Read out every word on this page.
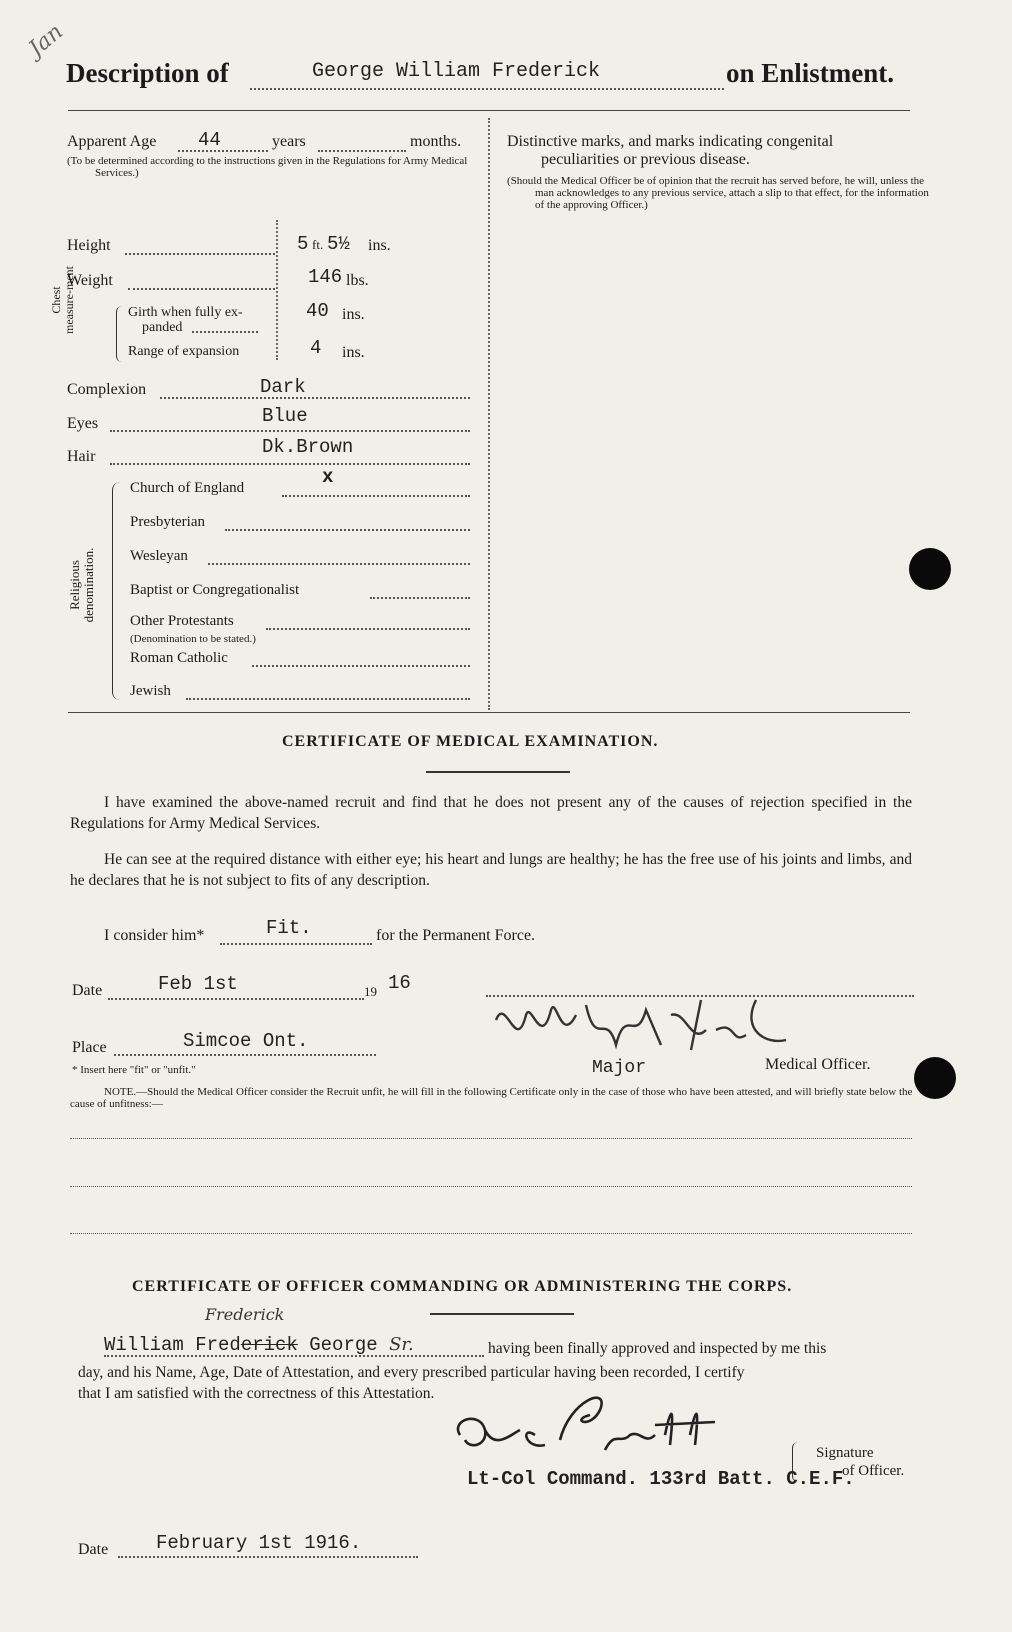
Jan
Description of	George William Frederick	on Enlistment.
Distinctive marks, and marks indicating congenital
peculiarities or previous disease.
(Should the Medical Officer be of opinion that the recruit has served before, he will, unless the man acknowledges to any previous service, attach a slip to that effect, for the information of the approving Officer.)
Apparent Age 44	years	months.
(To be determined according to the instructions given in the Regulations for Army Medical Services.)
Height	5 ft. 5½ ins.
Weight	146 lbs.
Chest measure-ment	Girth when fully ex-
panded
40 ins.
Range of expansion	4 ins.
Complexion	Dark
Eyes	Blue
Hair	Dk.Brown
Religious denomination.
Church of England	x
Presbyterian
Wesleyan
Baptist or Congregationalist
Other Protestants
(Denomination to be stated.)
Roman Catholic
Jewish
CERTIFICATE OF MEDICAL EXAMINATION.
I have examined the above-named recruit and find that he does not present any of the causes of rejection specified in the Regulations for Army Medical Services.
He can see at the required distance with either eye; his heart and lungs are healthy; he has the free use of his joints and limbs, and he declares that he is not subject to fits of any description.
I consider him*	Fit.	for the Permanent Force.
Date	Feb 1st	19 16
Place	Simcoe Ont.
* Insert here "fit" or "unfit."	Major	Medical Officer.
NOTE.—Should the Medical Officer consider the Recruit unfit, he will fill in the following Certificate only in the case of those who have been attested, and will briefly state below the cause of unfitness:—
CERTIFICATE OF OFFICER COMMANDING OR ADMINISTERING THE CORPS.
Frederick
William Frederick George Sr.	having been finally approved and inspected by me this
day, and his Name, Age, Date of Attestation, and every prescribed particular having been recorded, I certify
that I am satisfied with the correctness of this Attestation.
Signature
of Officer.
Lt-Col Command. 133rd Batt. C.E.F.
Date	February 1st 1916.
